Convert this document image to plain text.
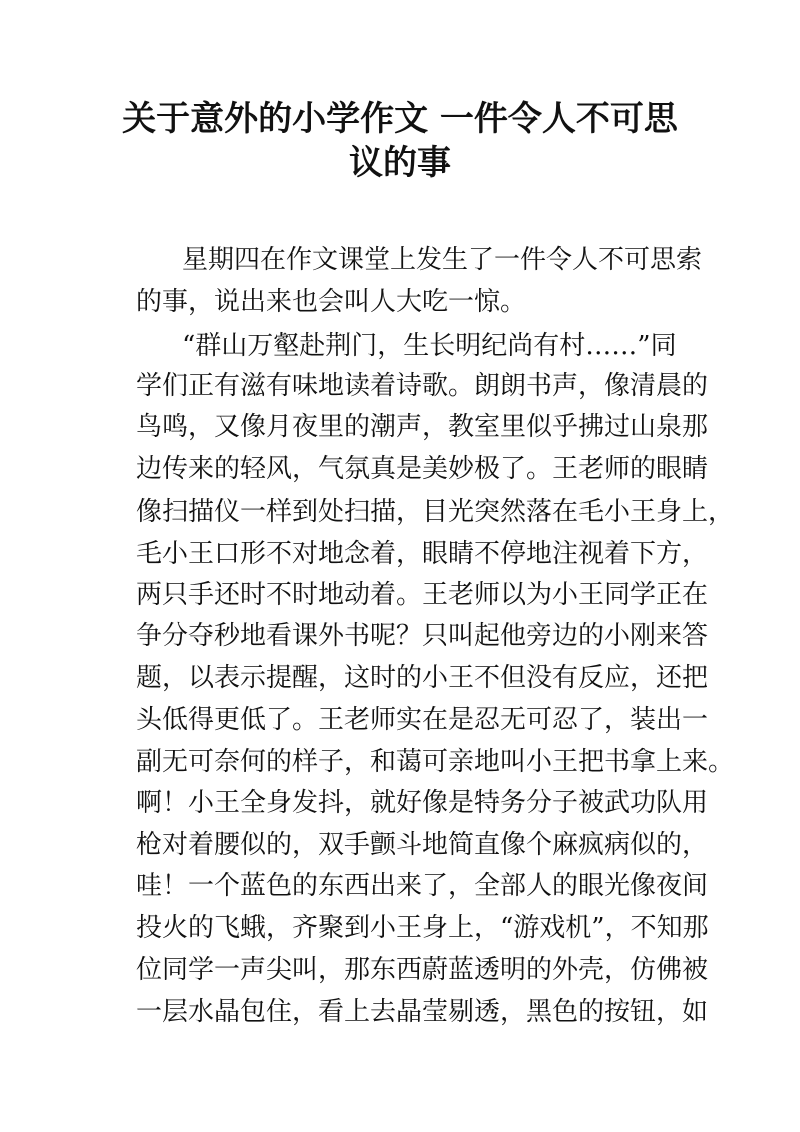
关于意外的小学作文 一件令人不可思
议的事

星期四在作文课堂上发生了一件令人不可思索

的事，说出来也会叫人大吃一惊。

“群山万壑赴荆门，生长明纪尚有村……”同

学们正有滋有味地读着诗歌。朗朗书声，像清晨的

鸟鸣，又像月夜里的潮声，教室里似乎拂过山泉那

边传来的轻风，气氛真是美妙极了。王老师的眼睛

像扫描仪一样到处扫描，目光突然落在毛小王身上，

毛小王口形不对地念着，眼睛不停地注视着下方，

两只手还时不时地动着。王老师以为小王同学正在

争分夺秒地看课外书呢？只叫起他旁边的小刚来答

题，以表示提醒，这时的小王不但没有反应，还把

头低得更低了。王老师实在是忍无可忍了，装出一

副无可奈何的样子，和蔼可亲地叫小王把书拿上来。

啊！小王全身发抖，就好像是特务分子被武功队用

枪对着腰似的，双手颤斗地简直像个麻疯病似的，

哇！一个蓝色的东西出来了，全部人的眼光像夜间

投火的飞蛾，齐聚到小王身上，“游戏机”，不知那

位同学一声尖叫，那东西蔚蓝透明的外壳，仿佛被

一层水晶包住，看上去晶莹剔透，黑色的按钮，如
